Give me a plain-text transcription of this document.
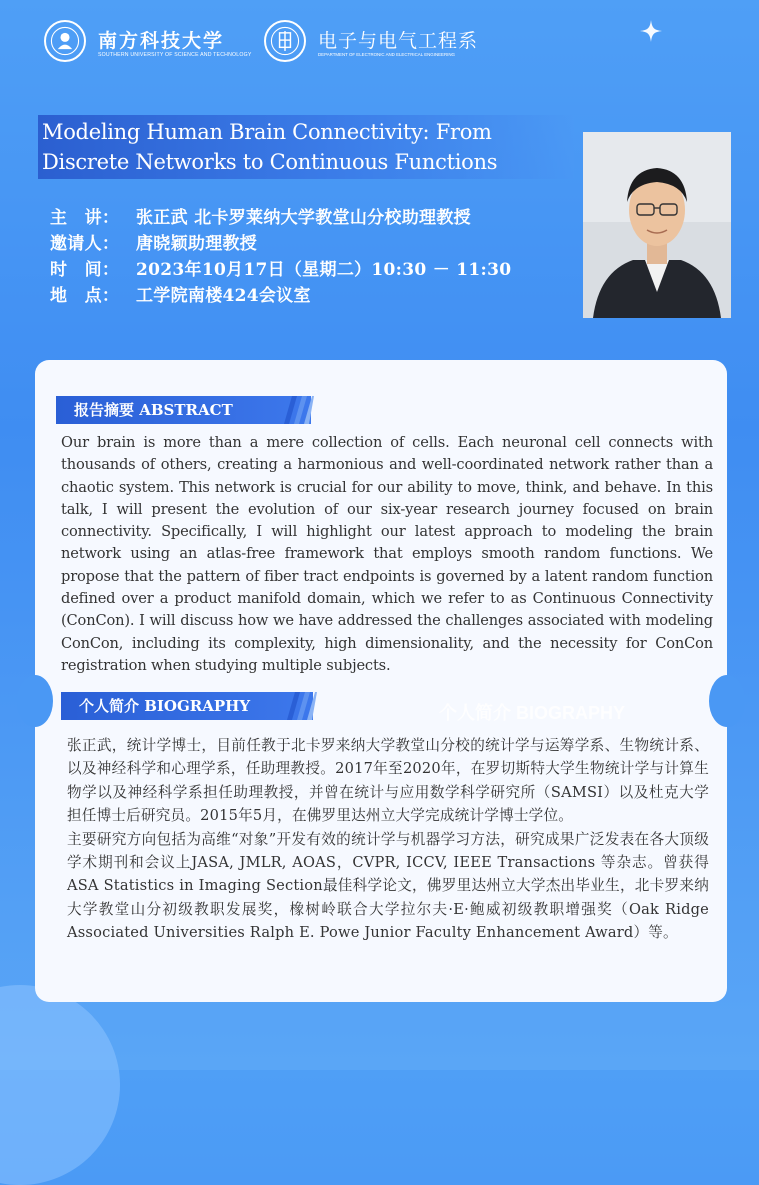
南方科技大学
SOUTHERN UNIVERSITY OF SCIENCE AND TECHNOLOGY
电子与电气工程系
DEPARTMENT OF ELECTRONIC AND ELECTRICAL ENGINEERING
Modeling Human Brain Connectivity: From Discrete Networks to Continuous Functions
主　讲： 张正武 北卡罗莱纳大学教堂山分校助理教授
邀请人： 唐晓颖助理教授
时　间： 2023年10月17日（星期二）10:30 － 11:30
地　点： 工学院南楼424会议室
报告摘要 ABSTRACT
Our brain is more than a mere collection of cells. Each neuronal cell connects with thousands of others, creating a harmonious and well-coordinated network rather than a chaotic system. This network is crucial for our ability to move, think, and behave. In this talk, I will present the evolution of our six-year research journey focused on brain connectivity. Specifically, I will highlight our latest approach to modeling the brain network using an atlas-free framework that employs smooth random functions. We propose that the pattern of fiber tract endpoints is governed by a latent random function defined over a product manifold domain, which we refer to as Continuous Connectivity (ConCon). I will discuss how we have addressed the challenges associated with modeling ConCon, including its complexity, high dimensionality, and the necessity for ConCon registration when studying multiple subjects.
个人简介 BIOGRAPHY
个人简介 BIOGRAPHY

张正武，统计学博士，目前任教于北卡罗来纳大学教堂山分校的统计学与运筹学系、生物统计系、以及神经科学和心理学系，任助理教授。2017年至2020年，在罗切斯特大学生物统计学与计算生物学以及神经科学系担任助理教授，并曾在统计与应用数学科学研究所（SAMSI）以及杜克大学担任博士后研究员。2015年5月，在佛罗里达州立大学完成统计学博士学位。

主要研究方向包括为高维“对象”开发有效的统计学与机器学习方法，研究成果广泛发表在各大顶级学术期刊和会议上JASA, JMLR, AOAS，CVPR, ICCV, IEEE Transactions 等杂志。曾获得ASA Statistics in Imaging Section最佳科学论文，佛罗里达州立大学杰出毕业生，北卡罗来纳大学教堂山分初级教职发展奖，橡树岭联合大学拉尔夫·E·鲍威初级教职增强奖（Oak Ridge Associated Universities Ralph E. Powe Junior Faculty Enhancement Award）等。
